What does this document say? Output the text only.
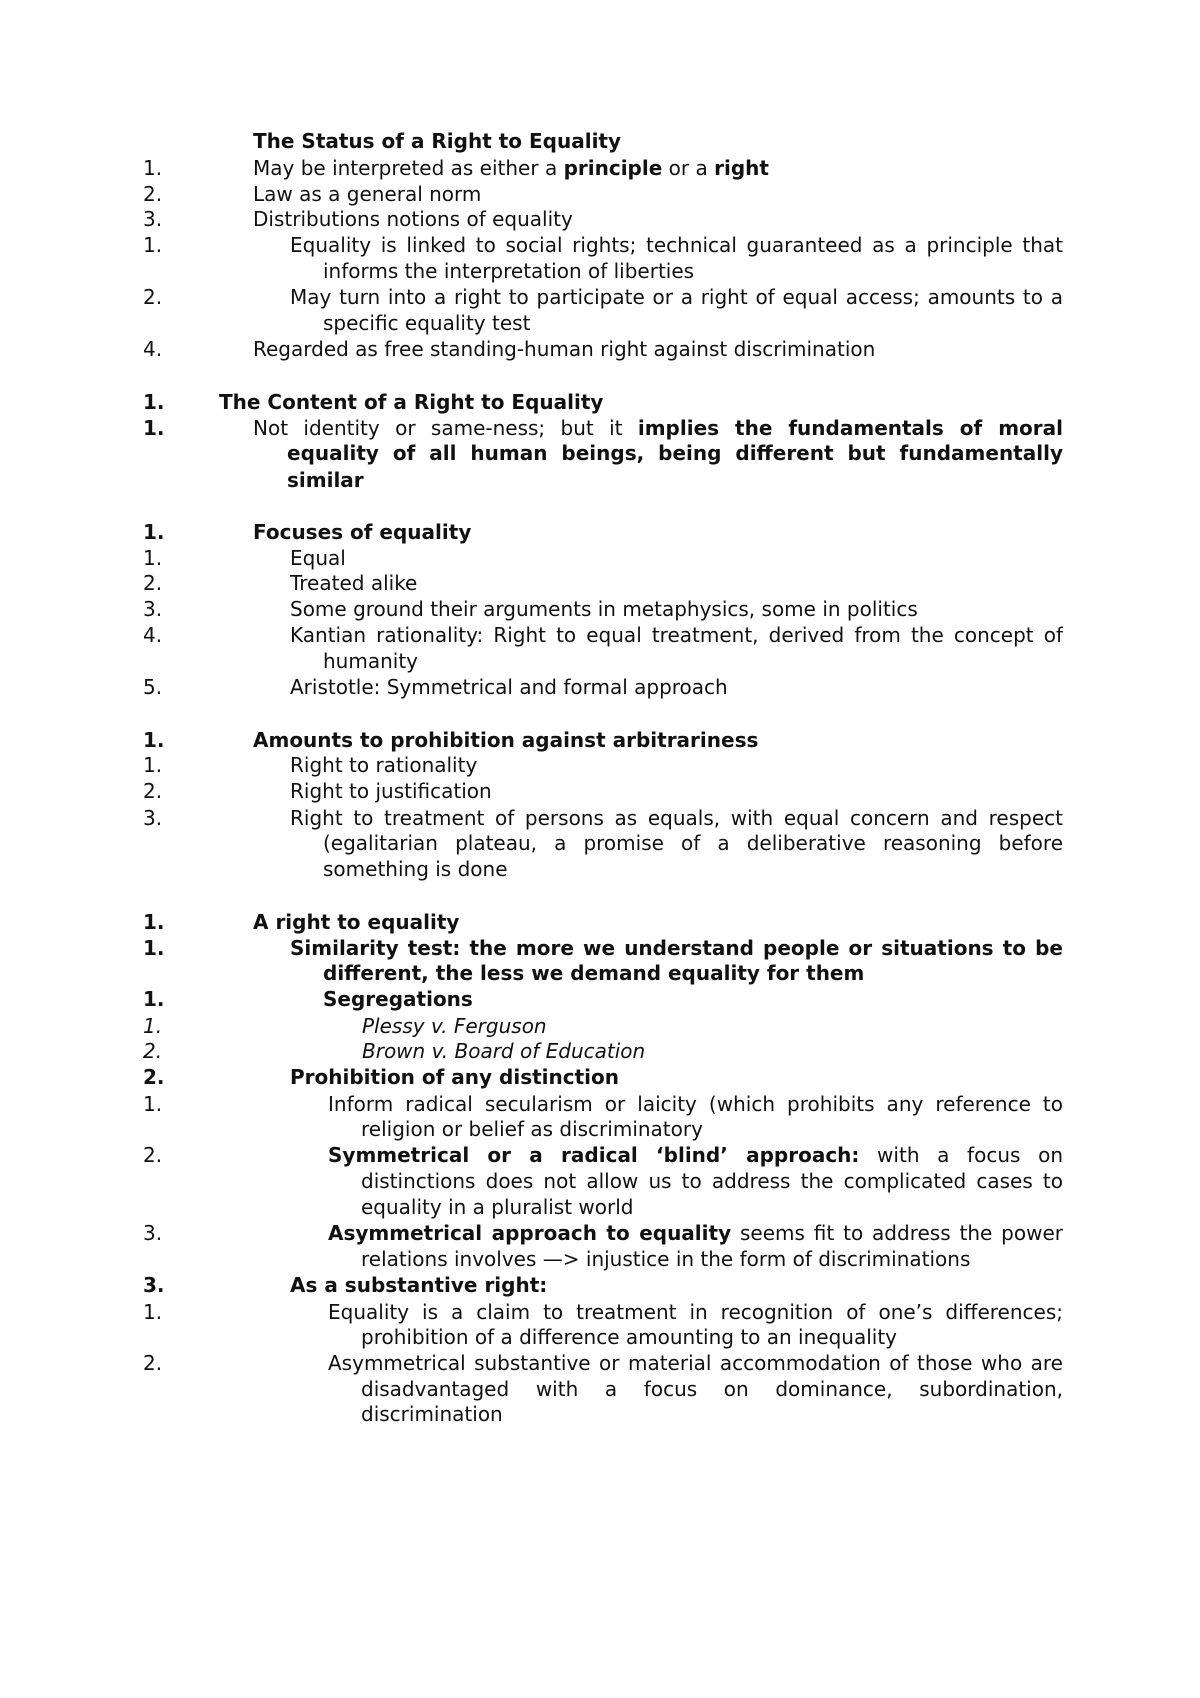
The Status of a Right to Equality
1.	May be interpreted as either a principle or a right
2.	Law as a general norm
3.	Distributions notions of equality
1.	Equality is linked to social rights; technical guaranteed as a principle that
informs the interpretation of liberties
2.	May turn into a right to participate or a right of equal access; amounts to a
specific equality test
4.	Regarded as free standing-human right against discrimination
1.	The Content of a Right to Equality
1.	Not identity or same-ness; but it implies the fundamentals of moral
equality of all human beings, being different but fundamentally
similar
1.	Focuses of equality
1.	Equal
2.	Treated alike
3.	Some ground their arguments in metaphysics, some in politics
4.	Kantian rationality: Right to equal treatment, derived from the concept of
humanity
5.	Aristotle: Symmetrical and formal approach
1.	Amounts to prohibition against arbitrariness
1.	Right to rationality
2.	Right to justification
3.	Right to treatment of persons as equals, with equal concern and respect
(egalitarian plateau, a promise of a deliberative reasoning before
something is done
1.	A right to equality
1.	Similarity test: the more we understand people or situations to be
different, the less we demand equality for them
1.	Segregations
1.	Plessy v. Ferguson
2.	Brown v. Board of Education
2.	Prohibition of any distinction
1.	Inform radical secularism or laicity (which prohibits any reference to
religion or belief as discriminatory
2.	Symmetrical or a radical ‘blind’ approach: with a focus on
distinctions does not allow us to address the complicated cases to
equality in a pluralist world
3.	Asymmetrical approach to equality seems fit to address the power
relations involves —> injustice in the form of discriminations
3.	As a substantive right:
1.	Equality is a claim to treatment in recognition of one’s differences;
prohibition of a difference amounting to an inequality
2.	Asymmetrical substantive or material accommodation of those who are
disadvantaged with a focus on dominance, subordination,
discrimination
